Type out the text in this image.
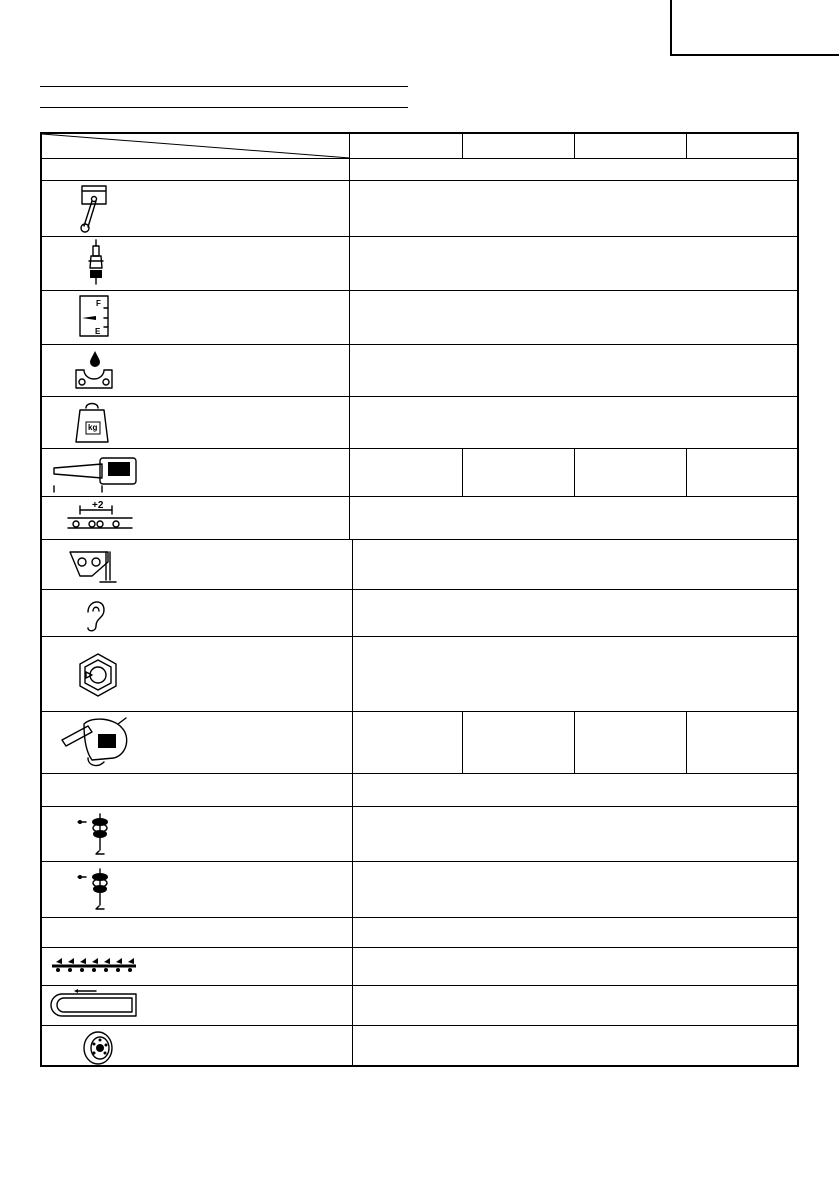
F
E
kg
+2
